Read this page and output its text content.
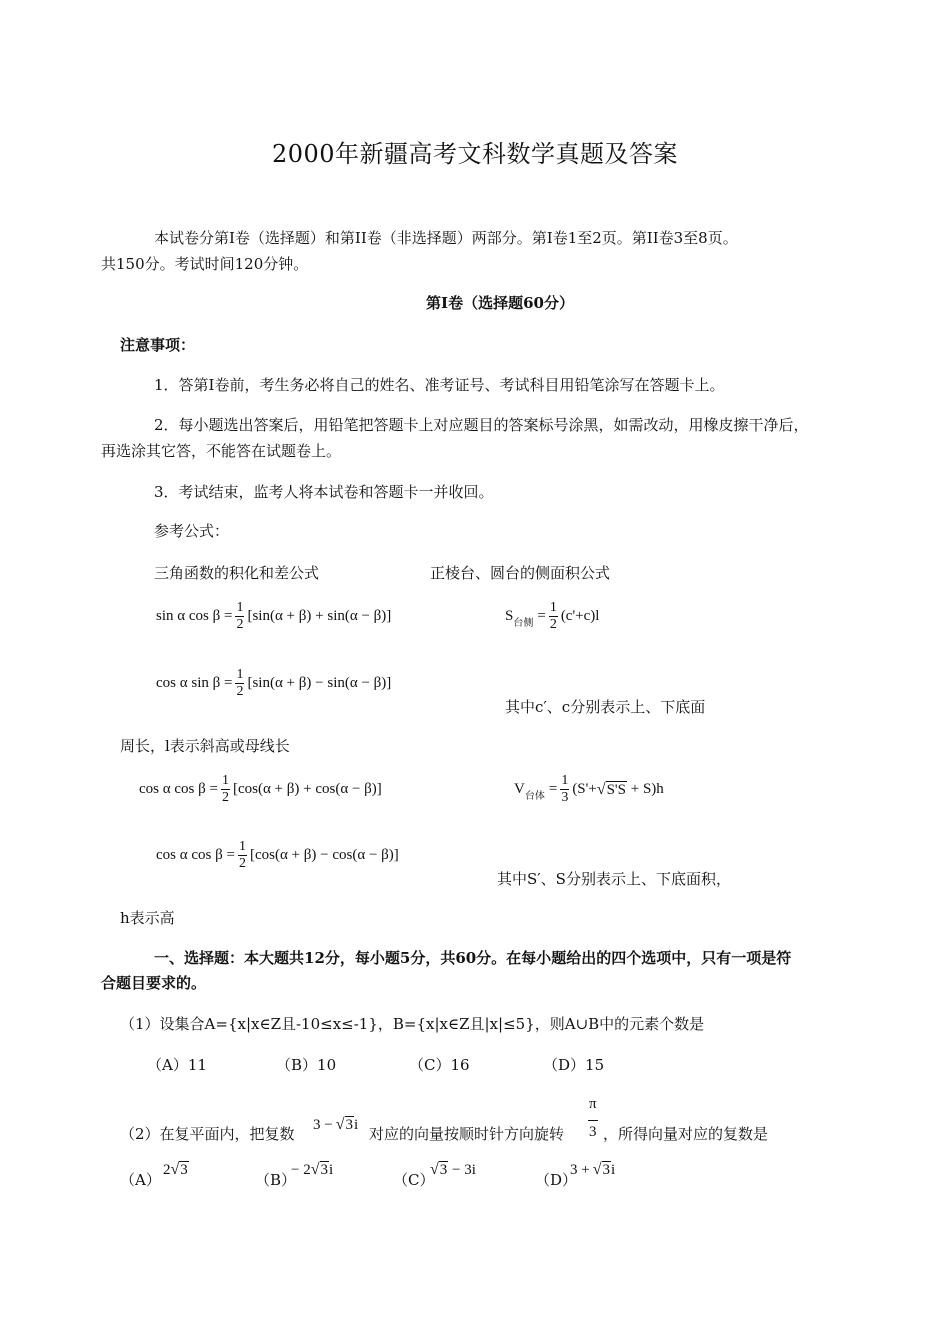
2000年新疆高考文科数学真题及答案
本试卷分第Ⅰ卷（选择题）和第II卷（非选择题）两部分。第Ⅰ卷1至2页。第II卷3至8页。
共150分。考试时间120分钟。
第Ⅰ卷（选择题60分）
注意事项：
1．答第Ⅰ卷前，考生务必将自己的姓名、准考证号、考试科目用铅笔涂写在答题卡上。
2．每小题选出答案后，用铅笔把答题卡上对应题目的答案标号涂黑，如需改动，用橡皮擦干净后，
再选涂其它答，不能答在试题卷上。
3．考试结束，监考人将本试卷和答题卡一并收回。
参考公式：
三角函数的积化和差公式	正棱台、圆台的侧面积公式
sin α $\cos \beta = \frac{1}{2} [\sin(\alpha + \beta) + \sin(\alpha - \beta)]$	S 台侧 = $\frac{1}{2} (c'+c)l$
cos α $\sin \beta = \frac{1}{2} [\sin(\alpha + \beta) - \sin(\alpha - \beta)]$
其中c′、c分别表示上、下底面
周长，l表示斜高或母线长
cos α $\cos \beta = \frac{1}{2} [\cos(\alpha + \beta) + \cos(\alpha - \beta)]$	V 台体 = $\frac{1}{3} (S'+$ √ S'S + S)h
cos α $\cos \beta = \frac{1}{2} [\cos(\alpha + \beta) - \cos(\alpha - \beta)]$
其中S′、S分别表示上、下底面积，
h表示高
一、选择题：本大题共12分，每小题5分，共60分。在每小题给出的四个选项中，只有一项是符
合题目要求的。
（1）设集合A={x|x∈Z且-10≤x≤-1}，B={x|x∈Z且|x|≤5}，则A∪B中的元素个数是
（A）11	（B）10	（C）16	（D）15
（2）在复平面内，把复数
3 − √ 3 i
对应的向量按顺时针方向旋转 $\frac{\pi}{3}$ ，所得向量对应的复数是
（A）
2 √ 3
（B）
− 2 √ 3 i
（C）
√ 3 − 3i
（D）
3 + √ 3 i
